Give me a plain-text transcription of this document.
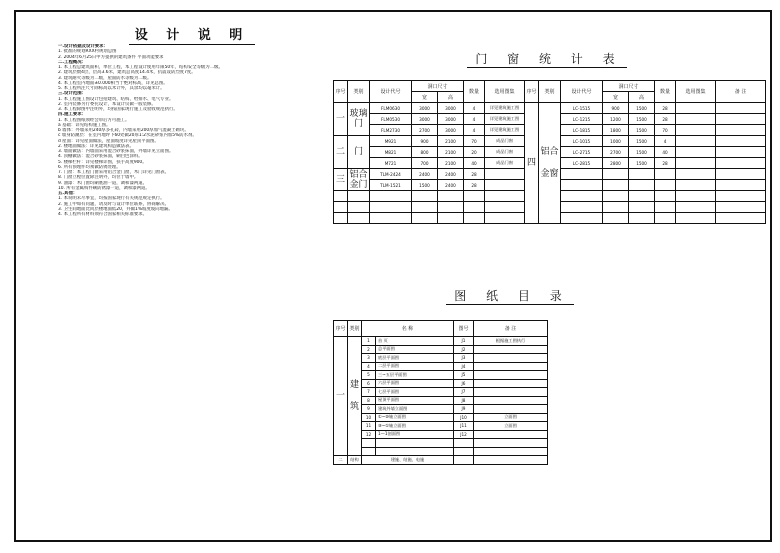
设 计 说 明
一.设计依据及设计要求：
1. 批准的规划RXX村规划总图
2. 2004年6月25日甲方提供的建筑条件 平面功能要求
二.工程概况：
1. 本工程总建筑面积，单位工程，本工程设计使用年限50年，结构安全等级为二级。
2. 建筑层数4层，层高3.6米，建筑总高度14.4米，抗震设防烈度7度。
3. 建筑耐火等级为二级，屋面防水等级为二级。
4. 本工程室内地面±0.000相当于绝对标高，详见总图。
5. 本工程所注尺寸除标高以米计外，其余均以毫米计。
三.设计范围：
1. 本工程施工图设计包括建筑、结构、给排水、电气专业。
2. 室内装修另行委托设计，本设计仅做一般装修。
3. 本工程除图中注明外，均按国家现行施工及验收规范执行。
四.施工要求：
1. 本工程图纸须经会审后方可施工。
a 基础：详见结构施工图。
b 墙体：外墙采用240厚多孔砖，内墙采用200厚加气混凝土砌块。
c 墙身防潮层：在室内地坪下60处做20厚1:2水泥砂浆内加5%防水剂。
d 屋面：详见屋面做法，屋面坡度详见屋顶平面图。
2. 楼地面做法：详见建筑构造做法表。
3. 墙面做法：内墙面采用混合砂浆抹面，外墙详见立面图。
4. 顶棚做法：混合砂浆抹面，刷白色涂料。
5. 楼梯栏杆：详见楼梯详图，扶手高度900。
6. 所有预埋件均须做防锈处理。
7. 门窗：本工程门窗采用铝合金门窗，木门详见门窗表。
8. 门窗立樘位置除注明外，均位于墙中。
9. 油漆：木门窗均刷底油一道，调和漆两道。
10. 所有金属构件刷防锈漆一道，调和漆两道。
五.其他：
1. 本说明未尽事宜，均按国家现行有关规范规定执行。
2. 施工中如有问题，请及时与设计单位联系，协商解决。
3. 卫生间地面比同层楼地面低20，并做1%坡度坡向地漏。
4. 本工程所有材料须符合国家相关标准要求。
门 窗 统 计 表
序号	类别	设计代号	洞口尺寸		数量	选用图集	序号	类别	设计代号	洞口尺寸		数量	选用图集	备 注
			宽	高						宽	高			
一	玻璃门	FLM0630	3000	3000	4	详见建筑施工图	四	铝合金窗	LC-1515	900	1500	28		
		FLM0530	3000	3000	4	详见建筑施工图			LC-1215	1200	1500	28		
		FLM2730	2700	3000	4	详见建筑施工图			LC-1815	1800	1500	70		
二	门	M921	900	2100	70	成品门窗			LC-1015	1000	1500	4		
		M821	800	2100	20	成品门窗			LC-2715	2700	1500	40		
		M721	700	2100	40	成品门窗			LC-2815	2800	1500	28		
三	铝合金门	TLM-2424	2400	2400	28									
		TLM-1521	1500	2400	28									

图 纸 目 录
序号	类别	名 称		图号	备 注
一	建筑	1	首 页	J1	根据施工图执行
		2	总平面图	J2	
		3	底层平面图	J3	
		4	二层平面图	J4	
		5	三~五层平面图	J5	
		6	六层平面图	J6	
		7	七层平面图	J7	
		8	屋顶平面图	J8	
		9	建筑外墙立面图	J9	
		10	①~⑩轴立面图	J10	立面图
		11	⑩~①轴立面图	J11	立面图
		12	1—1剖面图	J12	

二	结构	建施、结施、电施			
